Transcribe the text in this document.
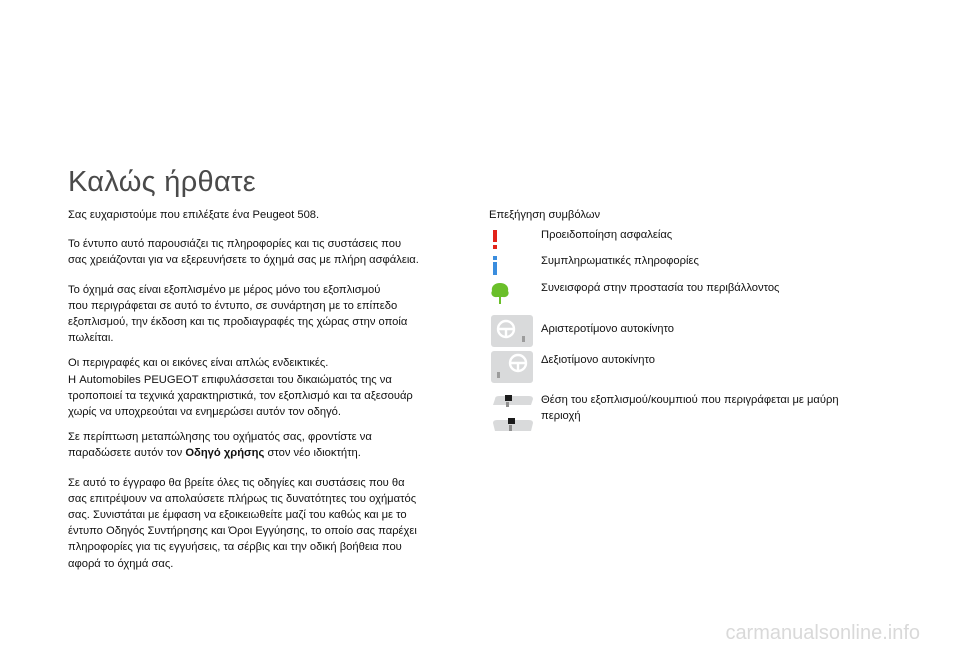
Καλώς ήρθατε

Σας ευχαριστούμε που επιλέξατε ένα Peugeot 508.

Το έντυπο αυτό παρουσιάζει τις πληροφορίες και τις συστάσεις που
σας χρειάζονται για να εξερευνήσετε το όχημά σας με πλήρη ασφάλεια.

Το όχημά σας είναι εξοπλισμένο με μέρος μόνο του εξοπλισμού
που περιγράφεται σε αυτό το έντυπο, σε συνάρτηση με το επίπεδο
εξοπλισμού, την έκδοση και τις προδιαγραφές της χώρας στην οποία
πωλείται.

Οι περιγραφές και οι εικόνες είναι απλώς ενδεικτικές.
Η Automobiles PEUGEOT επιφυλάσσεται του δικαιώματός της να
τροποποιεί τα τεχνικά χαρακτηριστικά, τον εξοπλισμό και τα αξεσουάρ
χωρίς να υποχρεούται να ενημερώσει αυτόν τον οδηγό.

Σε περίπτωση μεταπώλησης του οχήματός σας, φροντίστε να
παραδώσετε αυτόν τον Οδηγό χρήσης στον νέο ιδιοκτήτη.

Σε αυτό το έγγραφο θα βρείτε όλες τις οδηγίες και συστάσεις που θα
σας επιτρέψουν να απολαύσετε πλήρως τις δυνατότητες του οχήματός
σας. Συνιστάται με έμφαση να εξοικειωθείτε μαζί του καθώς και με το
έντυπο Οδηγός Συντήρησης και Όροι Εγγύησης, το οποίο σας παρέχει
πληροφορίες για τις εγγυήσεις, τα σέρβις και την οδική βοήθεια που
αφορά το όχημά σας.

Επεξήγηση συμβόλων

Προειδοποίηση ασφαλείας
Συμπληρωματικές πληροφορίες
Συνεισφορά στην προστασία του περιβάλλοντος
Αριστεροτίμονο αυτοκίνητο
Δεξιοτίμονο αυτοκίνητο
Θέση του εξοπλισμού/κουμπιού που περιγράφεται με μαύρη
περιοχή
carmanualsonline.info
